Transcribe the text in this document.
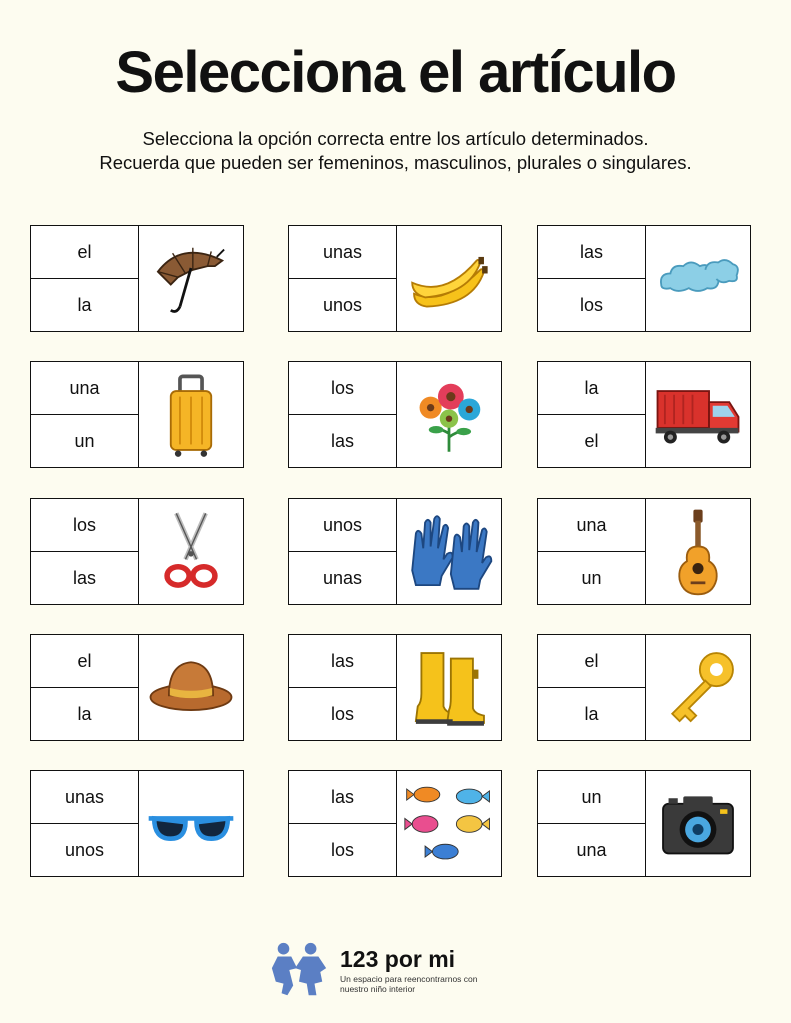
Selecciona el artículo
Selecciona la opción correcta entre los artículo determinados.
Recuerda que pueden ser femeninos, masculinos, plurales o singulares.
el
la
unas
unos
las
los
una
un
los
las
la
el
los
las
unos
unas
una
un
el
la
las
los
el
la
unas
unos
las
los
un
una
123 por mi
Un espacio para reencontrarnos con nuestro niño interior
